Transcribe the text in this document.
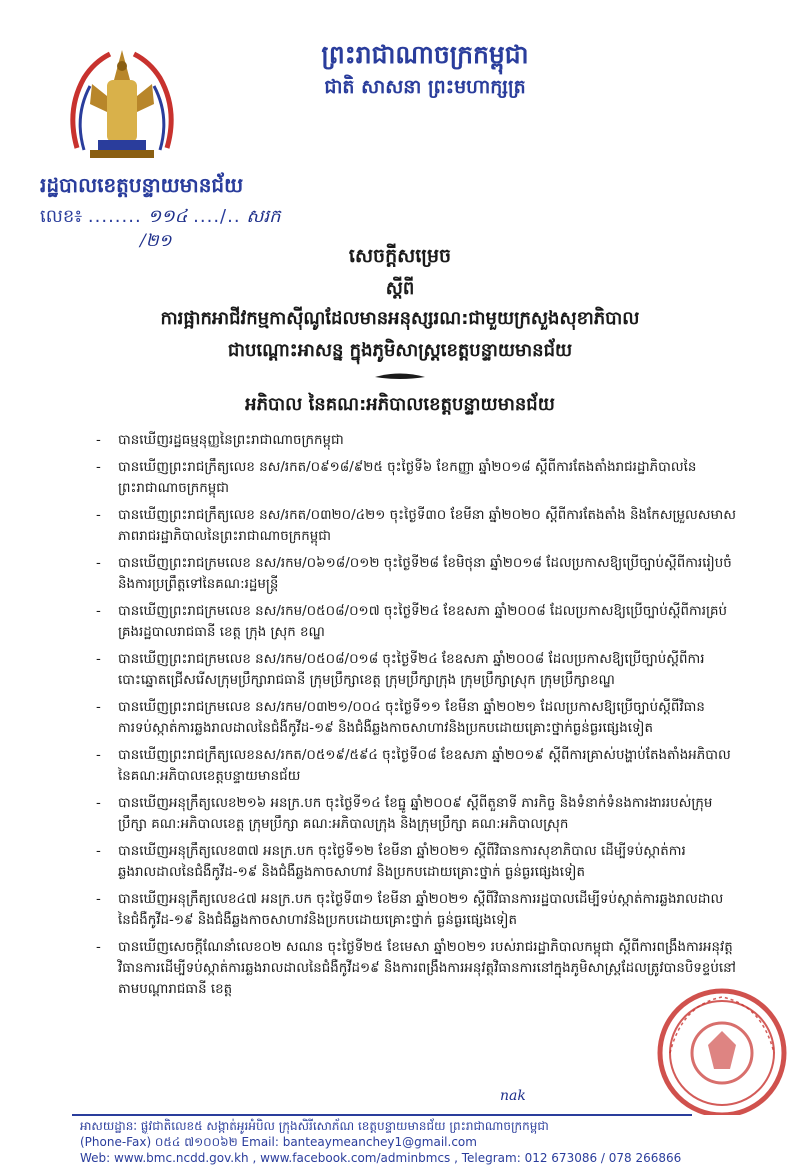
ព្រះរាជាណាចក្រកម្ពុជា
ជាតិ សាសនា ព្រះមហាក្សត្រ
រដ្ឋបាលខេត្តបន្ទាយមានជ័យ
លេខ៖ ........ ១១៤ ..../.. សរក
/២១
សេចក្តីសម្រេច
ស្តីពី
ការផ្អាកអាជីវកម្មកាស៊ីណូដែលមានអនុស្សរណ:ជាមួយក្រសួងសុខាភិបាល
ជាបណ្តោះអាសន្ន ក្នុងភូមិសាស្ត្រខេត្តបន្ទាយមានជ័យ
អភិបាល នៃគណ:អភិបាលខេត្តបន្ទាយមានជ័យ
- បានឃើញរដ្ឋធម្មនុញ្ញនៃព្រះរាជាណាចក្រកម្ពុជា
- បានឃើញព្រះរាជក្រឹត្យលេខ នស/រកត/០៩១៨/៩២៥ ចុះថ្ងៃទី៦ ខែកញ្ញា ឆ្នាំ២០១៨ ស្តីពីការតែងតាំងរាជរដ្ឋាភិបាលនៃព្រះរាជាណាចក្រកម្ពុជា
- បានឃើញព្រះរាជក្រឹត្យលេខ នស/រកត/០៣២០/៤២១ ចុះថ្ងៃទី៣០ ខែមីនា ឆ្នាំ២០២០ ស្តីពីការតែងតាំង និងកែសម្រួលសមាសភាពរាជរដ្ឋាភិបាលនៃព្រះរាជាណាចក្រកម្ពុជា
- បានឃើញព្រះរាជក្រមលេខ នស/រកម/០៦១៨/០១២ ចុះថ្ងៃទី២៨ ខែមិថុនា ឆ្នាំ២០១៨ ដែលប្រកាសឱ្យប្រើច្បាប់ស្តីពីការរៀបចំ និងការប្រព្រឹត្តទៅនៃគណ:រដ្ឋមន្ត្រី
- បានឃើញព្រះរាជក្រមលេខ នស/រកម/០៥០៨/០១៧ ចុះថ្ងៃទី២៤ ខែឧសភា ឆ្នាំ២០០៨ ដែលប្រកាសឱ្យប្រើច្បាប់ស្តីពីការគ្រប់គ្រងរដ្ឋបាលរាជធានី ខេត្ត ក្រុង ស្រុក ខណ្ឌ
- បានឃើញព្រះរាជក្រមលេខ នស/រកម/០៥០៨/០១៨ ចុះថ្ងៃទី២៤ ខែឧសភា ឆ្នាំ២០០៨ ដែលប្រកាសឱ្យប្រើច្បាប់ស្តីពីការបោះឆ្នោតជ្រើសរើសក្រុមប្រឹក្សារាជធានី ក្រុមប្រឹក្សាខេត្ត ក្រុមប្រឹក្សាក្រុង ក្រុមប្រឹក្សាស្រុក ក្រុមប្រឹក្សាខណ្ឌ
- បានឃើញព្រះរាជក្រមលេខ នស/រកម/០៣២១/០០៤ ចុះថ្ងៃទី១១ ខែមីនា ឆ្នាំ២០២១ ដែលប្រកាសឱ្យប្រើច្បាប់ស្តីពីវិធានការទប់ស្កាត់ការឆ្លងរាលដាលនៃជំងឺកូវីដ-១៩ និងជំងឺឆ្លងកាចសាហាវនិងប្រកបដោយគ្រោះថ្នាក់ធ្ងន់ធ្ងរផ្សេងទៀត
- បានឃើញព្រះរាជក្រឹត្យលេខនស/រកត/០៥១៩/៥៩៤ ចុះថ្ងៃទី០៨ ខែឧសភា ឆ្នាំ២០១៩ ស្តីពីការគ្រាស់បង្ហាប់តែងតាំងអភិបាល នៃគណ:អភិបាលខេត្តបន្ទាយមានជ័យ
- បានឃើញអនុក្រឹត្យលេខ២១៦ អនក្រ.បក ចុះថ្ងៃទី១៤ ខែធ្នូ ឆ្នាំ២០០៩ ស្តីពីតួនាទី ភារកិច្ច និងទំនាក់ទំនងការងាររបស់ក្រុមប្រឹក្សា គណ:អភិបាលខេត្ត ក្រុមប្រឹក្សា គណ:អភិបាលក្រុង និងក្រុមប្រឹក្សា គណ:អភិបាលស្រុក
- បានឃើញអនុក្រឹត្យលេខ៣៧ អនក្រ.បក ចុះថ្ងៃទី១២ ខែមីនា ឆ្នាំ២០២១ ស្តីពីវិធានការសុខាភិបាល ដើម្បីទប់ស្កាត់ការឆ្លងរាលដាលនៃជំងឺកូវីដ-១៩ និងជំងឺឆ្លងកាចសាហាវ និងប្រកបដោយគ្រោះថ្នាក់ ធ្ងន់ធ្ងរផ្សេងទៀត
- បានឃើញអនុក្រឹត្យលេខ៤៧ អនក្រ.បក ចុះថ្ងៃទី៣១ ខែមីនា ឆ្នាំ២០២១ ស្តីពីវិធានការរដ្ឋបាលដើម្បីទប់ស្កាត់ការឆ្លងរាលដាលនៃជំងឺកូវីដ-១៩ និងជំងឺឆ្លងកាចសាហាវនិងប្រកបដោយគ្រោះថ្នាក់ ធ្ងន់ធ្ងរផ្សេងទៀត
- បានឃើញសេចក្តីណែនាំលេខ០២ សណន ចុះថ្ងៃទី២៥ ខែមេសា ឆ្នាំ២០២១ របស់រាជរដ្ឋាភិបាលកម្ពុជា ស្តីពីការពង្រឹងការអនុវត្តវិធានការដើម្បីទប់ស្កាត់ការឆ្លងរាលដាលនៃជំងឺកូវីដ១៩ និងការពង្រឹងការអនុវត្តវិធានការនៅក្នុងភូមិសាស្ត្រដែលត្រូវបានបិទខ្ទប់នៅតាមបណ្តារាជធានី ខេត្ត
nak
អាសយដ្ឋានៈ ផ្លូវជាតិលេខ៥ សង្កាត់អូរអំបិល ក្រុងសិរីសោភ័ណ ខេត្តបន្ទាយមានជ័យ ព្រះរាជាណាចក្រកម្ពុជា
(Phone-Fax) ០៥៤ ៧១០០៦២ Email: banteaymeanchey1@gmail.com
Web: www.bmc.ncdd.gov.kh , www.facebook.com/adminbmcs , Telegram: 012 673086 / 078 266866
